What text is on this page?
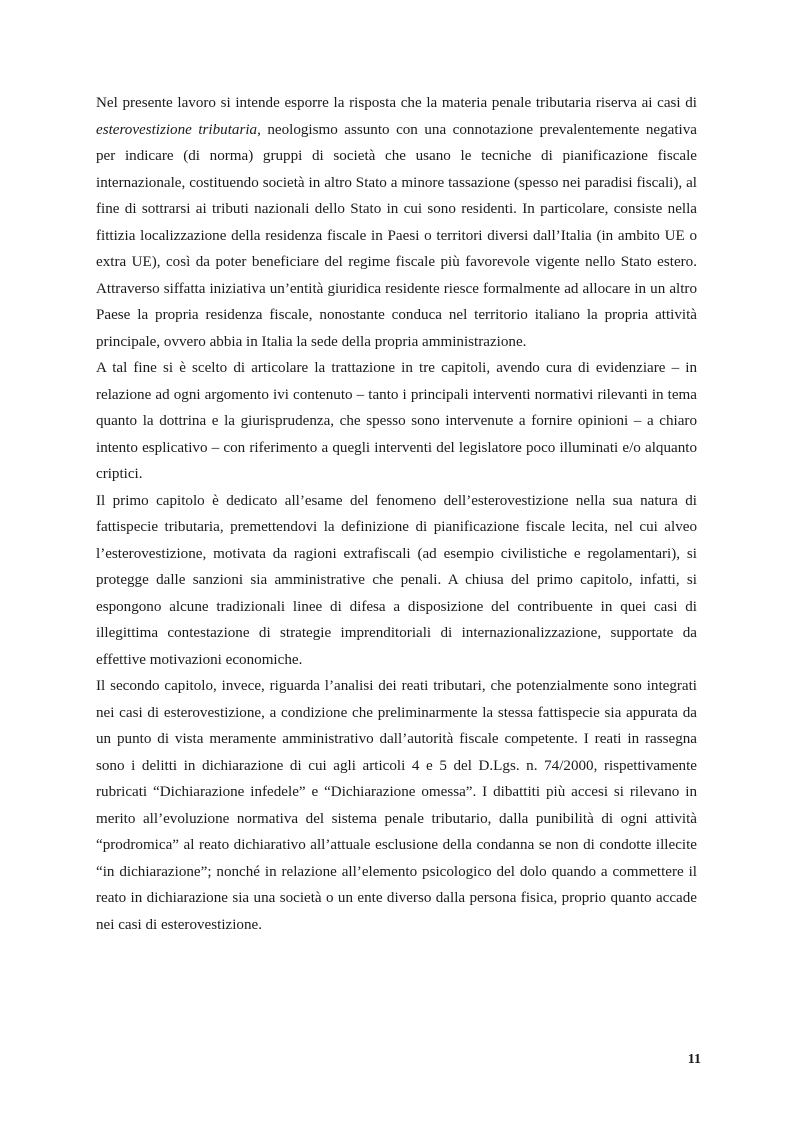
Nel presente lavoro si intende esporre la risposta che la materia penale tributaria riserva ai casi di esterovestizione tributaria, neologismo assunto con una connotazione prevalentemente negativa per indicare (di norma) gruppi di società che usano le tecniche di pianificazione fiscale internazionale, costituendo società in altro Stato a minore tassazione (spesso nei paradisi fiscali), al fine di sottrarsi ai tributi nazionali dello Stato in cui sono residenti. In particolare, consiste nella fittizia localizzazione della residenza fiscale in Paesi o territori diversi dall’Italia (in ambito UE o extra UE), così da poter beneficiare del regime fiscale più favorevole vigente nello Stato estero. Attraverso siffatta iniziativa un’entità giuridica residente riesce formalmente ad allocare in un altro Paese la propria residenza fiscale, nonostante conduca nel territorio italiano la propria attività principale, ovvero abbia in Italia la sede della propria amministrazione.

A tal fine si è scelto di articolare la trattazione in tre capitoli, avendo cura di evidenziare – in relazione ad ogni argomento ivi contenuto – tanto i principali interventi normativi rilevanti in tema quanto la dottrina e la giurisprudenza, che spesso sono intervenute a fornire opinioni – a chiaro intento esplicativo – con riferimento a quegli interventi del legislatore poco illuminati e/o alquanto criptici.

Il primo capitolo è dedicato all’esame del fenomeno dell’esterovestizione nella sua natura di fattispecie tributaria, premettendovi la definizione di pianificazione fiscale lecita, nel cui alveo l’esterovestizione, motivata da ragioni extrafiscali (ad esempio civilistiche e regolamentari), si protegge dalle sanzioni sia amministrative che penali. A chiusa del primo capitolo, infatti, si espongono alcune tradizionali linee di difesa a disposizione del contribuente in quei casi di illegittima contestazione di strategie imprenditoriali di internazionalizzazione, supportate da effettive motivazioni economiche.

Il secondo capitolo, invece, riguarda l’analisi dei reati tributari, che potenzialmente sono integrati nei casi di esterovestizione, a condizione che preliminarmente la stessa fattispecie sia appurata da un punto di vista meramente amministrativo dall’autorità fiscale competente. I reati in rassegna sono i delitti in dichiarazione di cui agli articoli 4 e 5 del D.Lgs. n. 74/2000, rispettivamente rubricati “Dichiarazione infedele” e “Dichiarazione omessa”. I dibattiti più accesi si rilevano in merito all’evoluzione normativa del sistema penale tributario, dalla punibilità di ogni attività “prodromica” al reato dichiarativo all’attuale esclusione della condanna se non di condotte illecite “in dichiarazione”; nonché in relazione all’elemento psicologico del dolo quando a commettere il reato in dichiarazione sia una società o un ente diverso dalla persona fisica, proprio quanto accade nei casi di esterovestizione.

11
